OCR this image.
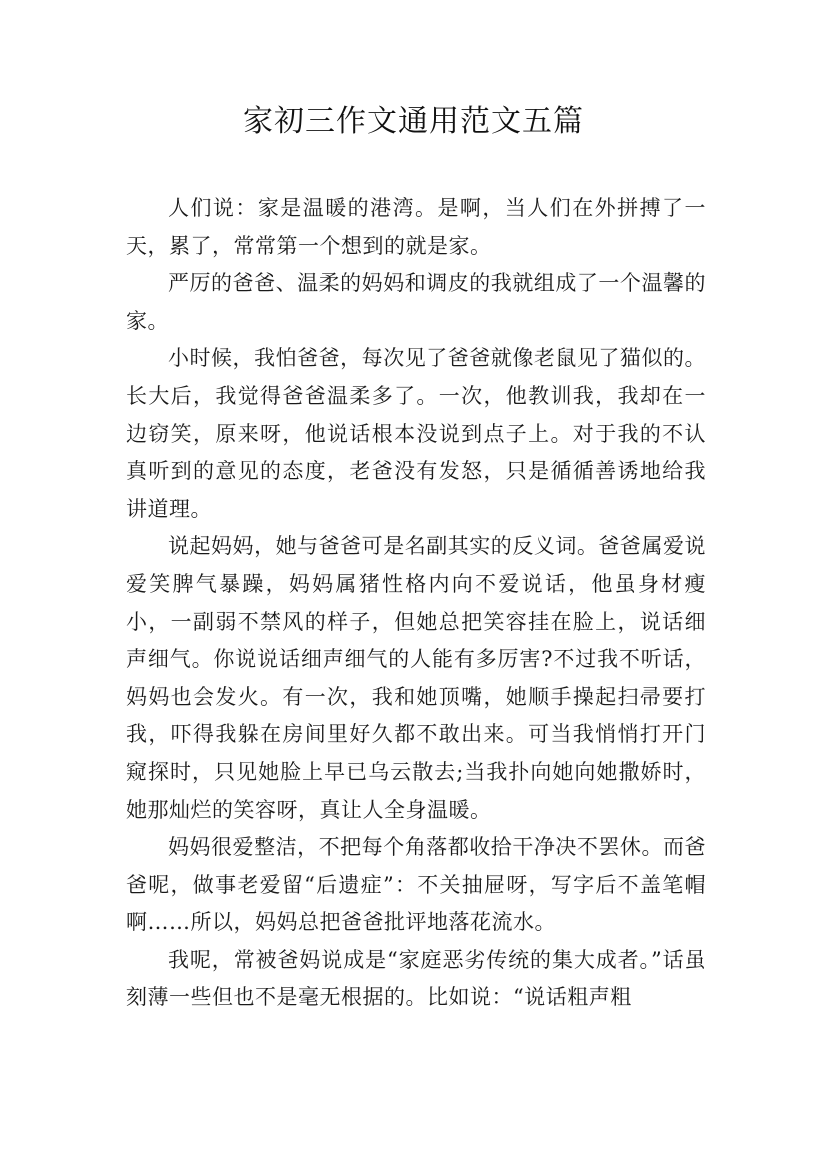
家初三作文通用范文五篇

人们说：家是温暖的港湾。是啊，当人们在外拼搏了一天，累了，常常第一个想到的就是家。

严厉的爸爸、温柔的妈妈和调皮的我就组成了一个温馨的家。

小时候，我怕爸爸，每次见了爸爸就像老鼠见了猫似的。长大后，我觉得爸爸温柔多了。一次，他教训我，我却在一边窃笑，原来呀，他说话根本没说到点子上。对于我的不认真听到的意见的态度，老爸没有发怒，只是循循善诱地给我讲道理。

说起妈妈，她与爸爸可是名副其实的反义词。爸爸属爱说爱笑脾气暴躁，妈妈属猪性格内向不爱说话，他虽身材瘦小，一副弱不禁风的样子，但她总把笑容挂在脸上，说话细声细气。你说说话细声细气的人能有多厉害?不过我不听话，妈妈也会发火。有一次，我和她顶嘴，她顺手操起扫帚要打我，吓得我躲在房间里好久都不敢出来。可当我悄悄打开门窥探时，只见她脸上早已乌云散去;当我扑向她向她撒娇时，她那灿烂的笑容呀，真让人全身温暖。

妈妈很爱整洁，不把每个角落都收拾干净决不罢休。而爸爸呢，做事老爱留“后遗症”：不关抽屉呀，写字后不盖笔帽啊……所以，妈妈总把爸爸批评地落花流水。

我呢，常被爸妈说成是“家庭恶劣传统的集大成者。”话虽刻薄一些但也不是毫无根据的。比如说：“说话粗声粗
